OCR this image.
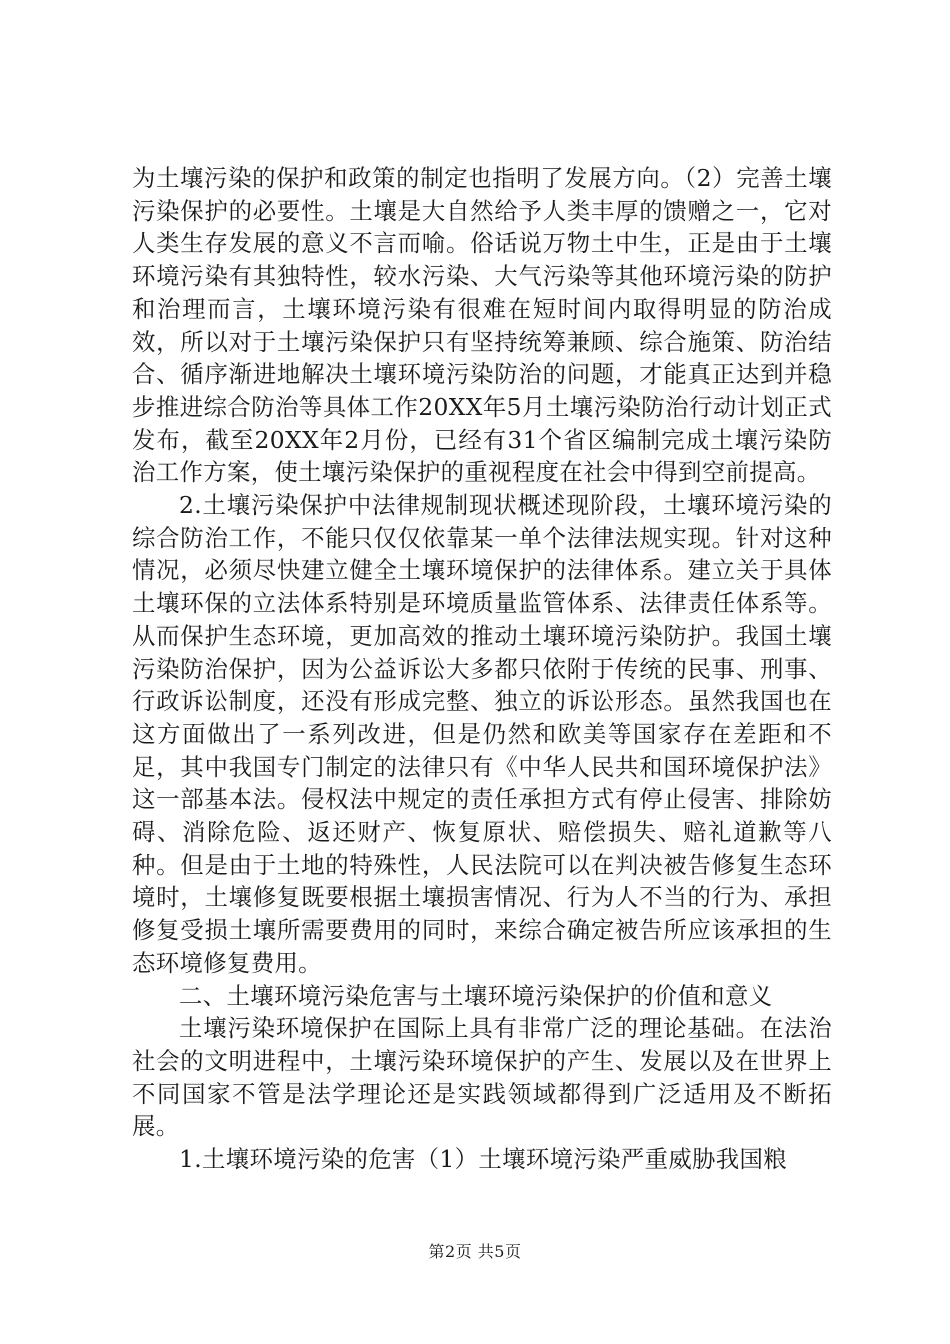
为土壤污染的保护和政策的制定也指明了发展方向。（2）完善土壤污染保护的必要性。土壤是大自然给予人类丰厚的馈赠之一，它对人类生存发展的意义不言而喻。俗话说万物土中生，正是由于土壤环境污染有其独特性，较水污染、大气污染等其他环境污染的防护和治理而言，土壤环境污染有很难在短时间内取得明显的防治成效，所以对于土壤污染保护只有坚持统筹兼顾、综合施策、防治结合、循序渐进地解决土壤环境污染防治的问题，才能真正达到并稳步推进综合防治等具体工作20XX年5月土壤污染防治行动计划正式发布，截至20XX年2月份，已经有31个省区编制完成土壤污染防治工作方案，使土壤污染保护的重视程度在社会中得到空前提高。

2.土壤污染保护中法律规制现状概述现阶段，土壤环境污染的综合防治工作，不能只仅仅依靠某一单个法律法规实现。针对这种情况，必须尽快建立健全土壤环境保护的法律体系。建立关于具体土壤环保的立法体系特别是环境质量监管体系、法律责任体系等。从而保护生态环境，更加高效的推动土壤环境污染防护。我国土壤污染防治保护，因为公益诉讼大多都只依附于传统的民事、刑事、行政诉讼制度，还没有形成完整、独立的诉讼形态。虽然我国也在这方面做出了一系列改进，但是仍然和欧美等国家存在差距和不足，其中我国专门制定的法律只有《中华人民共和国环境保护法》这一部基本法。侵权法中规定的责任承担方式有停止侵害、排除妨碍、消除危险、返还财产、恢复原状、赔偿损失、赔礼道歉等八种。但是由于土地的特殊性，人民法院可以在判决被告修复生态环境时，土壤修复既要根据土壤损害情况、行为人不当的行为、承担修复受损土壤所需要费用的同时，来综合确定被告所应该承担的生态环境修复费用。

二、土壤环境污染危害与土壤环境污染保护的价值和意义

土壤污染环境保护在国际上具有非常广泛的理论基础。在法治社会的文明进程中，土壤污染环境保护的产生、发展以及在世界上不同国家不管是法学理论还是实践领域都得到广泛适用及不断拓展。

1.土壤环境污染的危害（1）土壤环境污染严重威胁我国粮

第2页 共5页
